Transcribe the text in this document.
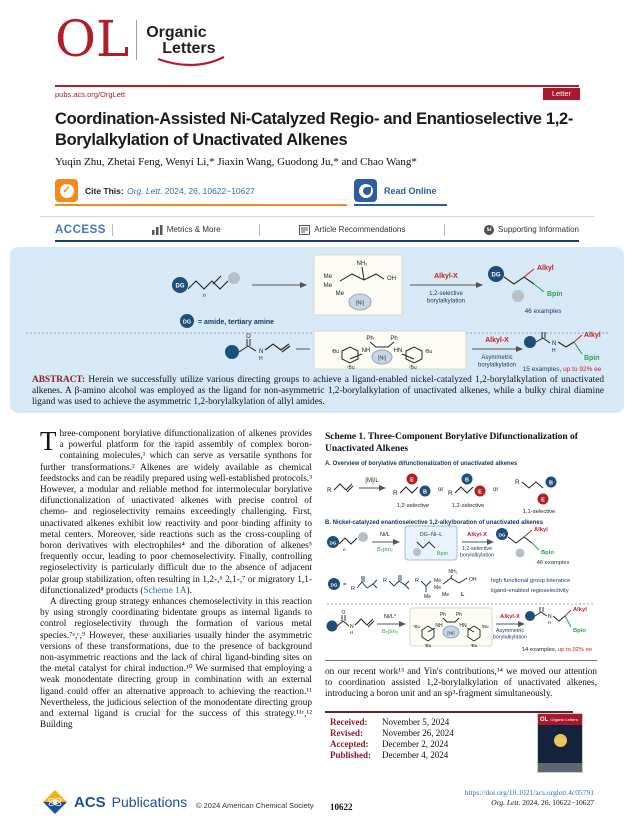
OL Organic
Letters
pubs.acs.org/OrgLett	Letter
Coordination-Assisted Ni-Catalyzed Regio- and Enantioselective 1,2-Borylalkylation of Unactivated Alkenes
Yuqin Zhu, Zhetai Feng, Wenyi Li,* Jiaxin Wang, Guodong Ju,* and Chao Wang*
✓	Cite This: Org. Lett. 2024, 26, 10622−10627	Read Online
ACCESS	Metrics & More	Article Recommendations	sı Supporting Information
DG
n
NH₂
Me
Me
Me
OH
[Ni]
Alkyl-X
1,2-selective
borylalkylation
DG
Alkyl
Bpin
46 examples
DG = amide, tertiary amine
O
N
H
Ph	Ph
NH	HN
ᵗBu
ᵗBu
ᵗBu
ᵗBu
[Ni]
Alkyl-X
Asymmetric
borylalkylation
N
H
Alkyl
Bpin
15 examples, up to 92% ee
ABSTRACT: Herein we successfully utilize various directing groups to achieve a ligand-enabled nickel-catalyzed 1,2-borylalkylation of unactivated alkenes. A β-amino alcohol was employed as the ligand for non-asymmetric 1,2-borylalkylation of unactivated alkenes, while a bulky chiral diamine ligand was used to achieve the asymmetric 1,2-borylalkylation of allyl amides.

Three-component borylative difunctionalization of alkenes provides a powerful platform for the rapid assembly of complex boron-containing molecules,¹ which can serve as versatile synthons for further transformations.² Alkenes are widely available as chemical feedstocks and can be readily prepared using well-established protocols.³ However, a modular and reliable method for intermolecular borylative difunctionalization of unactivated alkenes with precise control of chemo- and regioselectivity remains exceedingly challenging. First, unactivated alkenes exhibit low reactivity and poor binding affinity to metal centers. Moreover, side reactions such as the cross-coupling of boron derivatives with electrophiles⁴ and the diboration of alkenes⁵ frequently occur, leading to poor chemoselectivity. Finally, controlling regioselectivity is particularly difficult due to the absence of adjacent polar group stabilization, often resulting in 1,2-,⁶ 2,1-,⁷ or migratory 1,1-difunctionalized⁸ products (Scheme 1A).

A directing group strategy enhances chemoselectivity in this reaction by using strongly coordinating bidentate groups as internal ligands to control regioselectivity through the formation of various metal species.⁷ᵃ,ᶜ,⁹ However, these auxiliaries usually hinder the asymmetric versions of these transformations, due to the presence of background non-asymmetric reactions and the lack of chiral ligand-binding sites on the metal catalyst for chiral induction.¹⁰ We surmised that employing a weak monodentate directing group in combination with an external ligand could offer an alternative approach to achieving the reaction.¹¹ Nevertheless, the judicious selection of the monodentate directing group and external ligand is crucial for the success of this strategy.¹¹ᶜ,¹² Building

Scheme 1. Three-Component Borylative Difunctionalization of Unactivated Alkenes
A. Overview of borylative difunctionalization of unactivated alkenes
R
[M]/L
R
E
B
1,2-selective
or R
B
E
1,2-selective
or
R	B
E
1,1-selective
B. Nickel-catalyzed enantioselective 1,2-alkylboration of unactivated alkenes
DG
n
Ni/L
B₂pin₂
DG–Ni–L
Bpin
Alkyl-X
1,2-selective
borylalkylation
DG
Alkyl
Bpin
46 examples
DG =
R
R	R
Me
NH₂
Me
Me
Me
OH
L
high functional group tolerance
ligand-enabled regioselectivity
O
N
H
Ni/L*
B₂pin₂
Ph Ph
NH	HN
ᵗBu
ᵗBu
ᵗBu
ᵗBu
[Ni]
Alkyl-X
Asymmetric
borylalkylation
N
H
Alkyl
Bpin
14 examples, up to 92% ee
on our recent work¹³ and Yin's contributions,¹⁴ we moved our attention to coordination assisted 1,2-borylalkylation of unactivated alkenes, introducing a boron unit and an sp³-fragment simultaneously.
Received:	November 5, 2024
Revised:	November 26, 2024
Accepted:	December 2, 2024
Published:	December 4, 2024
OL Organic Letters
ACS Publications © 2024 American Chemical Society 10622
https://doi.org/10.1021/acs.orglett.4c05791
Org. Lett. 2024, 26, 10622−10627
